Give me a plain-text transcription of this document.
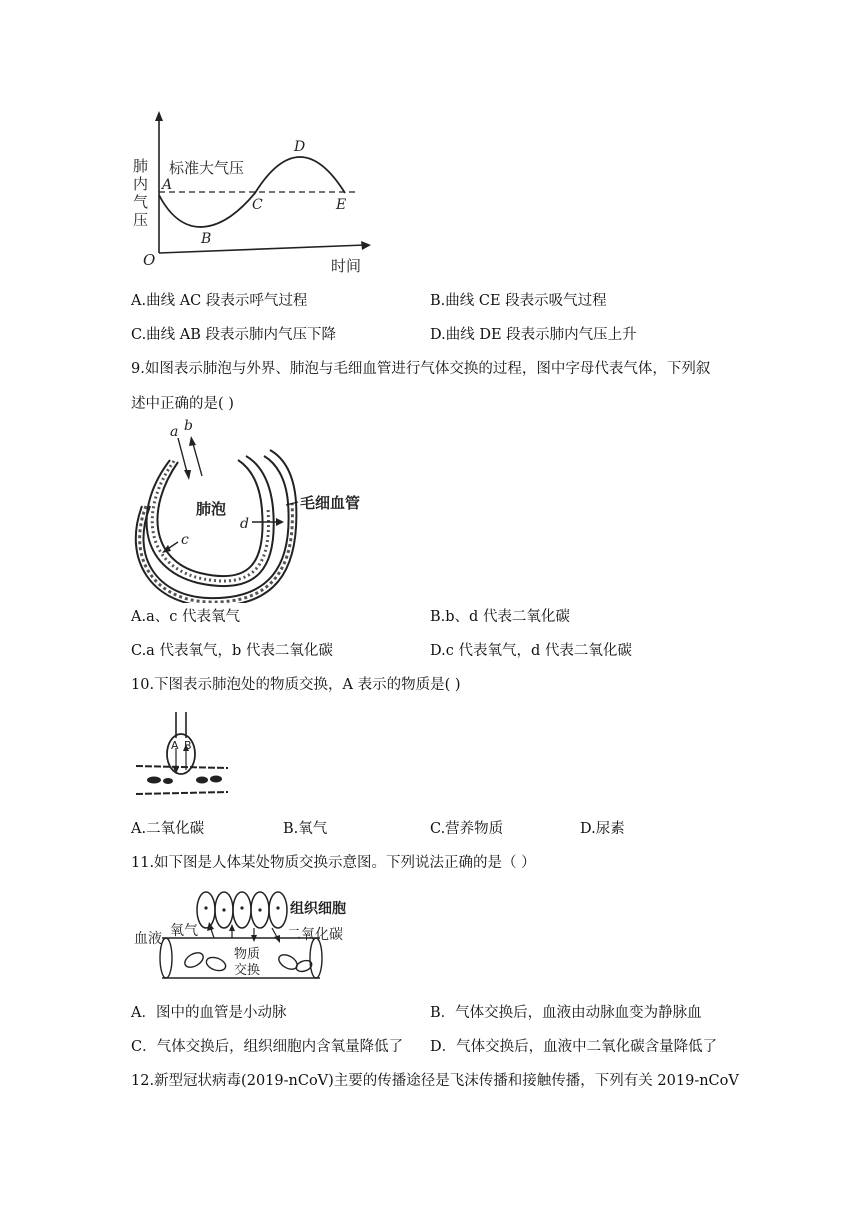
肺内气压
时间
O
标准大气压
A
B
C
D
E
A.曲线 AC 段表示呼气过程	B.曲线 CE 段表示吸气过程
C.曲线 AB 段表示肺内气压下降	D.曲线 DE 段表示肺内气压上升
9.如图表示肺泡与外界、肺泡与毛细血管进行气体交换的过程，图中字母代表气体，下列叙
述中正确的是( )
a b
c
d
肺泡	毛细血管
A.a、c 代表氧气	B.b、d 代表二氧化碳
C.a 代表氧气，b 代表二氧化碳	D.c 代表氧气，d 代表二氧化碳
10.下图表示肺泡处的物质交换，A 表示的物质是( )
A B
A.二氧化碳	B.氧气	C.营养物质	D.尿素
11.如下图是人体某处物质交换示意图。下列说法正确的是（ ）
组织细胞
血液 氧气	二氧化碳
物质
交换
A．图中的血管是小动脉	B．气体交换后，血液由动脉血变为静脉血
C．气体交换后，组织细胞内含氧量降低了 D．气体交换后，血液中二氧化碳含量降低了
12.新型冠状病毒(2019-nCoV)主要的传播途径是飞沫传播和接触传播，下列有关 2019-nCoV
